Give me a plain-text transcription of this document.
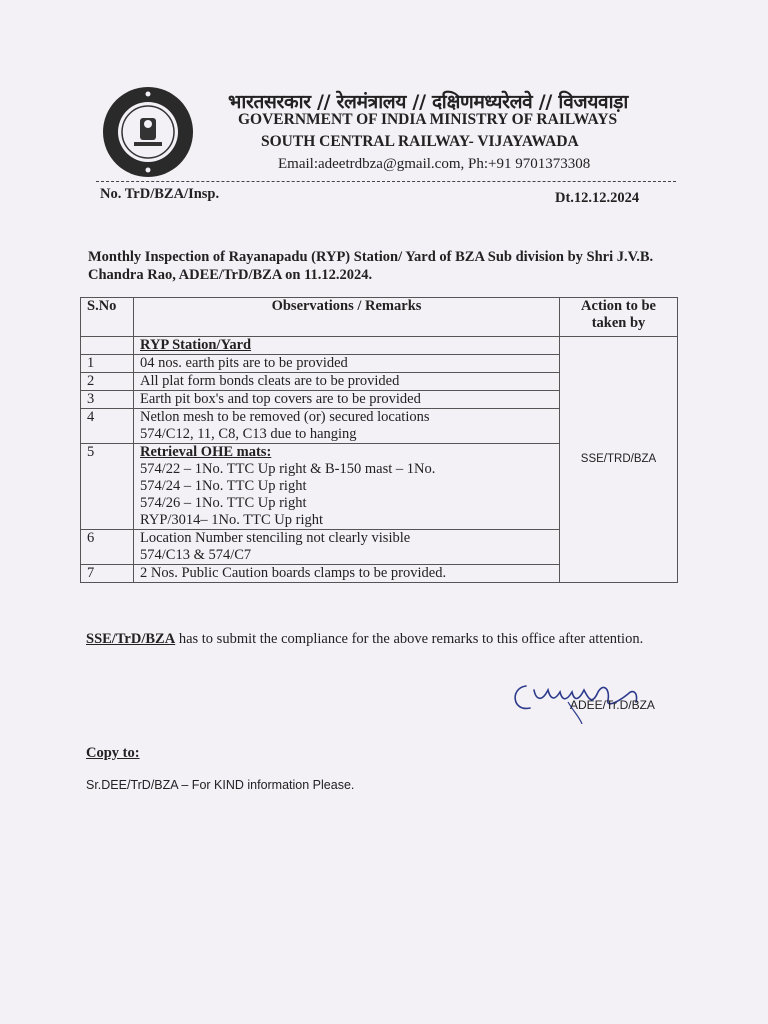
भारतसरकार // रेलमंत्रालय // दक्षिणमध्यरेलवे // विजयवाड़ा
GOVERNMENT OF INDIA MINISTRY OF RAILWAYS
SOUTH CENTRAL RAILWAY- VIJAYAWADA
Email:adeetrdbza@gmail.com, Ph:+91 9701373308
No. TrD/BZA/Insp.	Dt.12.12.2024
Monthly Inspection of Rayanapadu (RYP) Station/ Yard of BZA Sub division by Shri J.V.B. Chandra Rao, ADEE/TrD/BZA on 11.12.2024.
S.No	Observations / Remarks	Action to be taken by
	RYP Station/Yard	SSE/TRD/BZA
1	04 nos. earth pits are to be provided	
2	All plat form bonds cleats are to be provided	
3	Earth pit box's and top covers are to be provided	
4	Netlon mesh to be removed (or) secured locations
574/C12, 11, C8, C13 due to hanging	

5	Retrieval OHE mats:
574/22 – 1No. TTC Up right & B-150 mast – 1No.
574/24 – 1No. TTC Up right
574/26 – 1No. TTC Up right
RYP/3014– 1No. TTC Up right	

6	Location Number stenciling not clearly visible
574/C13 & 574/C7	

7	2 Nos. Public Caution boards clamps to be provided.	
SSE/TrD/BZA has to submit the compliance for the above remarks to this office after attention.
ADEE/Tr.D/BZA
Copy to:
Sr.DEE/TrD/BZA – For KIND information Please.
